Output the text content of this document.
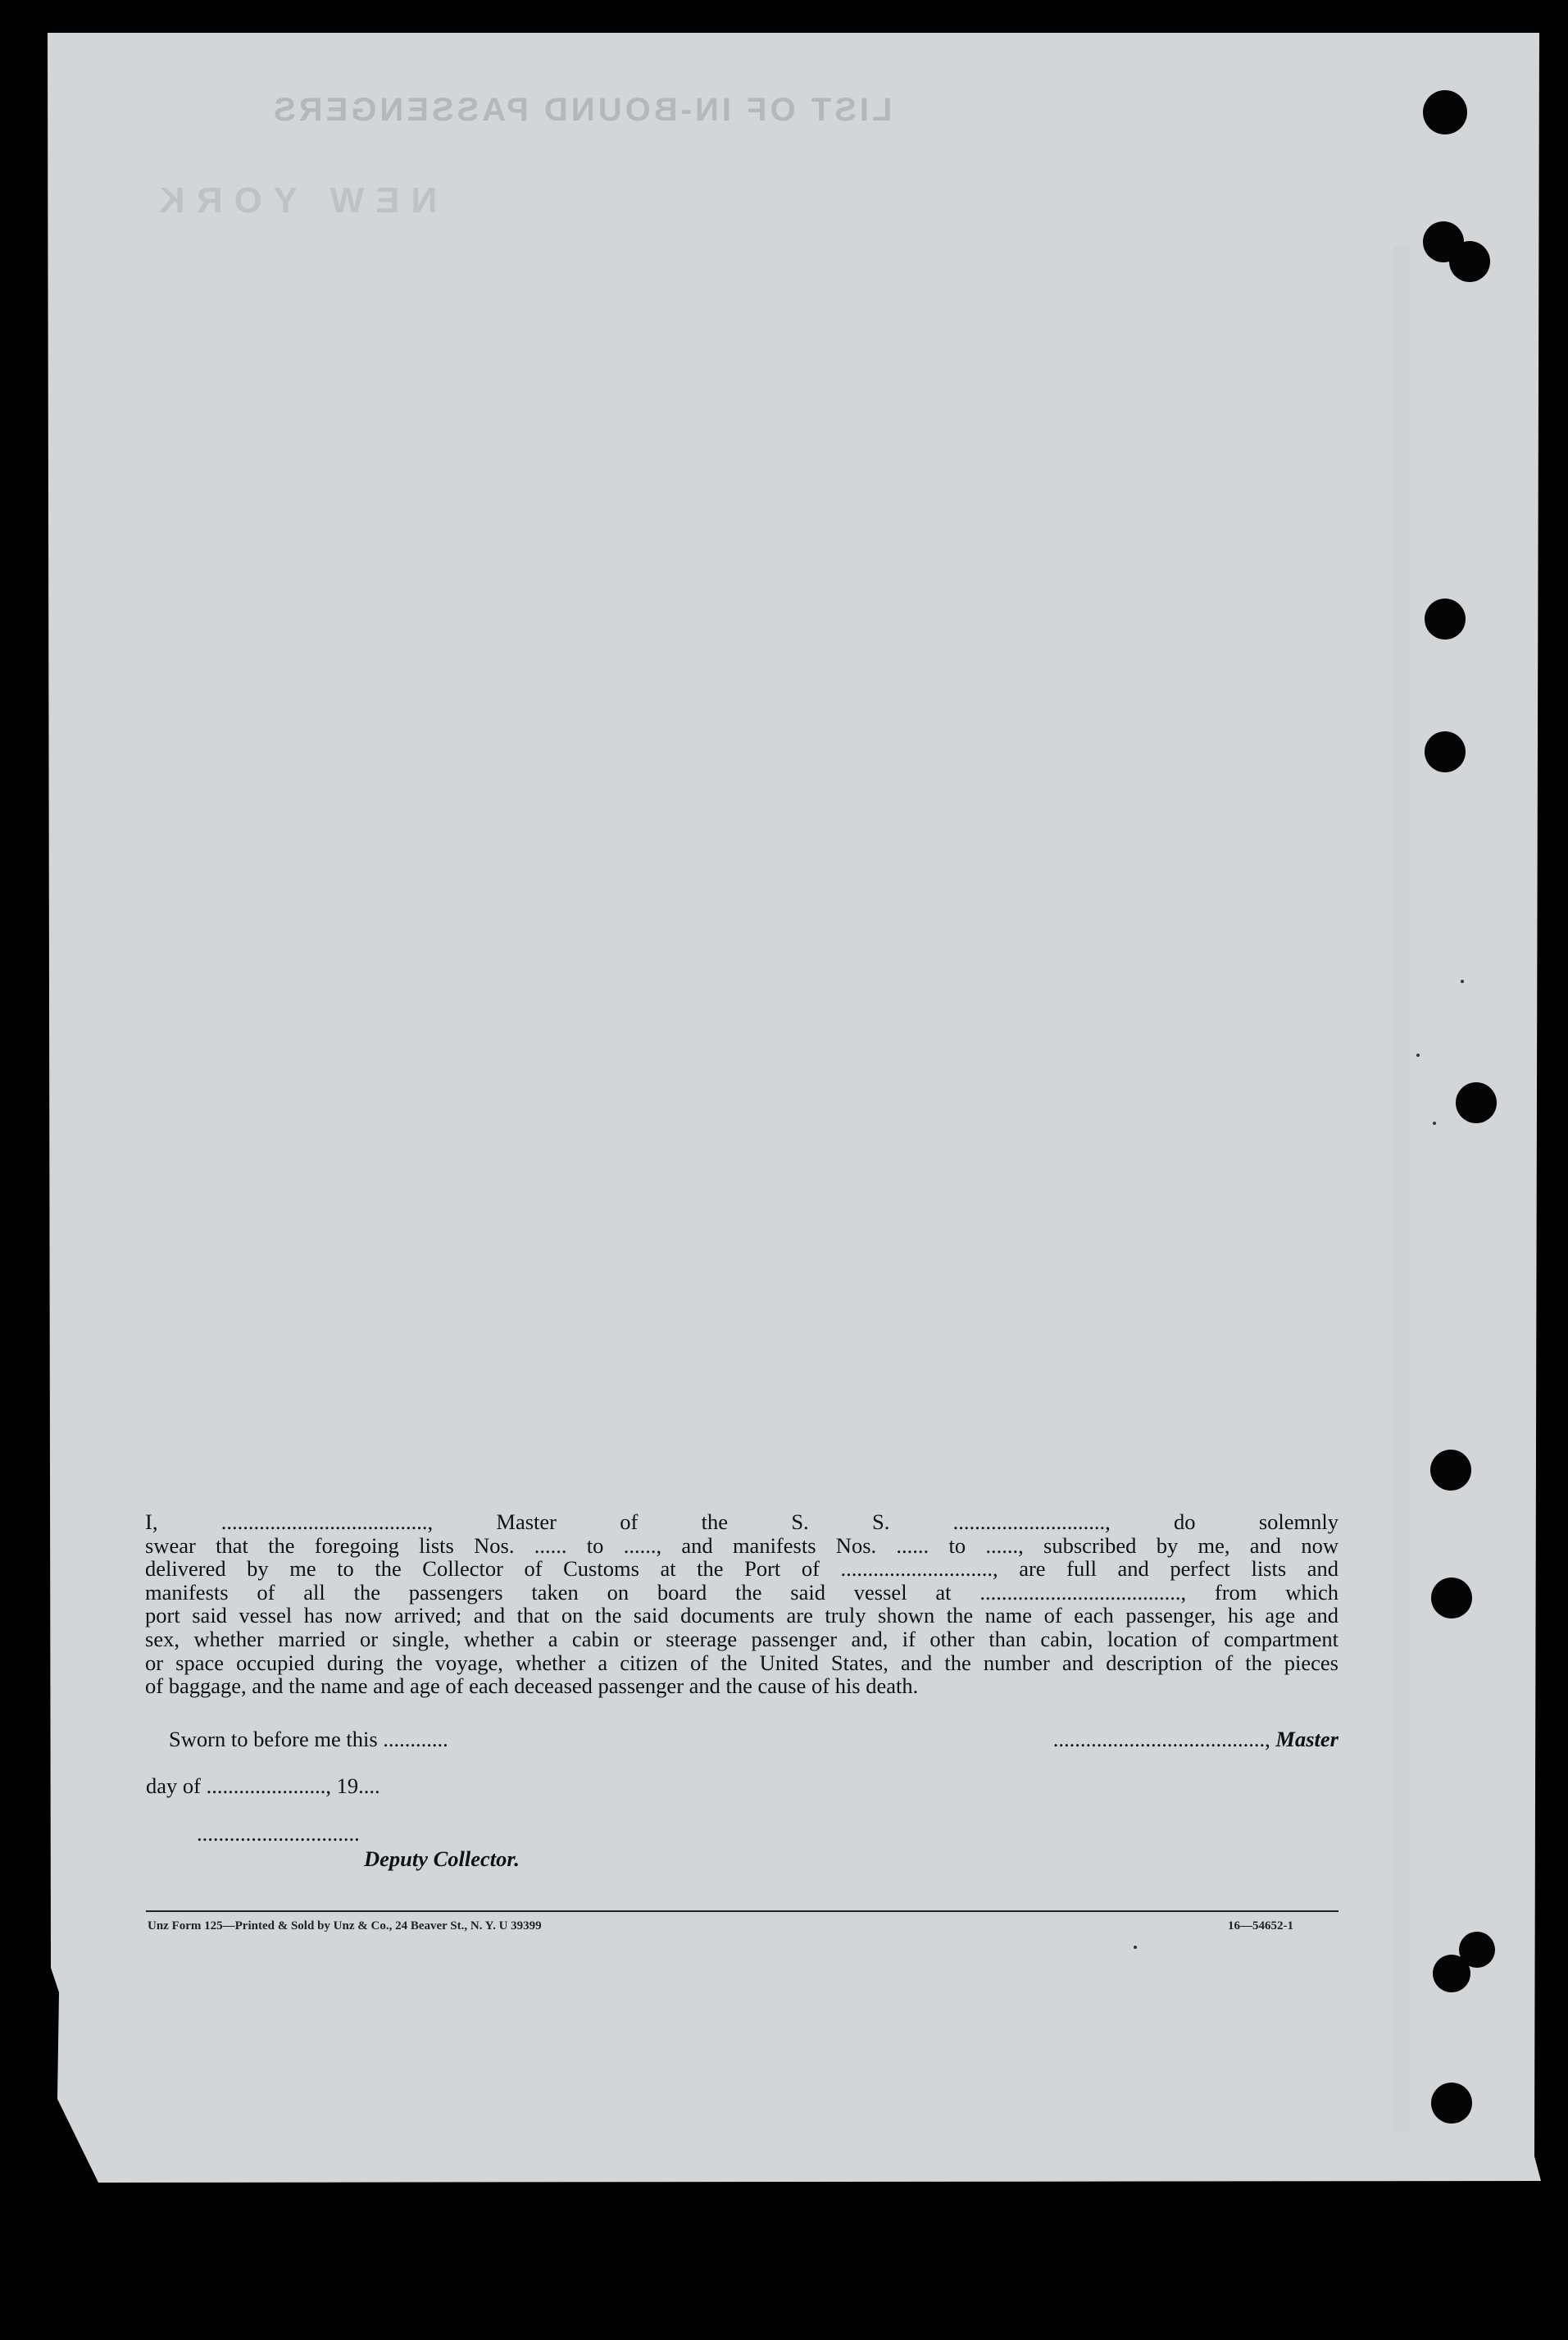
LIST OF IN-BOUND PASSENGERS
NEW YORK
I, ......................................, Master of the S. S. ............................, do solemnly
swear that the foregoing lists Nos. ...... to ......, and manifests Nos. ...... to ......, subscribed by me, and now
delivered by me to the Collector of Customs at the Port of ............................, are full and perfect lists and
manifests of all the passengers taken on board the said vessel at ....................................., from which
port said vessel has now arrived; and that on the said documents are truly shown the name of each passenger, his age and
sex, whether married or single, whether a cabin or steerage passenger and, if other than cabin, location of compartment
or space occupied during the voyage, whether a citizen of the United States, and the number and description of the pieces
of baggage, and the name and age of each deceased passenger and the cause of his death.
Sworn to before me this ............	......................................., Master
day of ......................, 19....
..............................
Deputy Collector.
Unz Form 125—Printed & Sold by Unz & Co., 24 Beaver St., N. Y. U 39399	16—54652-1
